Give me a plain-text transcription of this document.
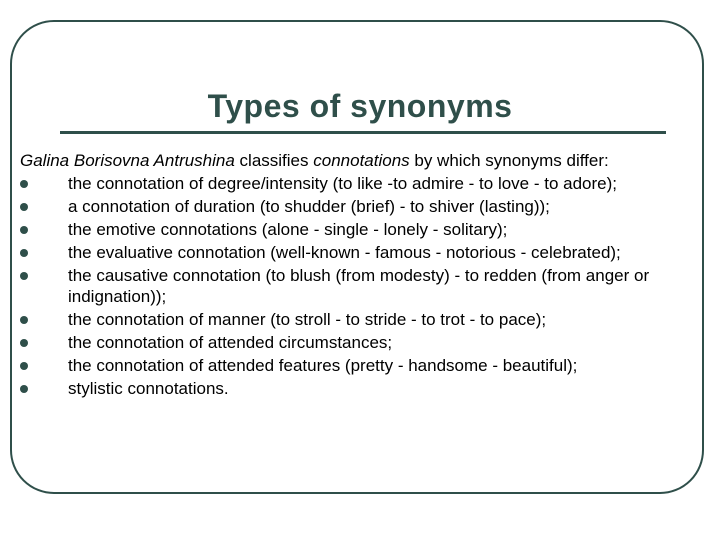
Types of synonyms

Galina Borisovna Antrushina classifies connotations by which synonyms differ:

the connotation of degree/intensity (to like -to admire - to love - to adore);
a connotation of duration (to shudder (brief) - to shiver (lasting));
the emotive connotations (alone - single - lonely - solitary);
the evaluative connotation (well-known - famous - notorious - celebrated);
the causative connotation (to blush (from modesty) - to redden (from anger or indignation));
the connotation of manner (to stroll - to stride - to trot - to pace);
the connotation of attended circumstances;
the connotation of attended features (pretty - handsome - beautiful);
stylistic connotations.
